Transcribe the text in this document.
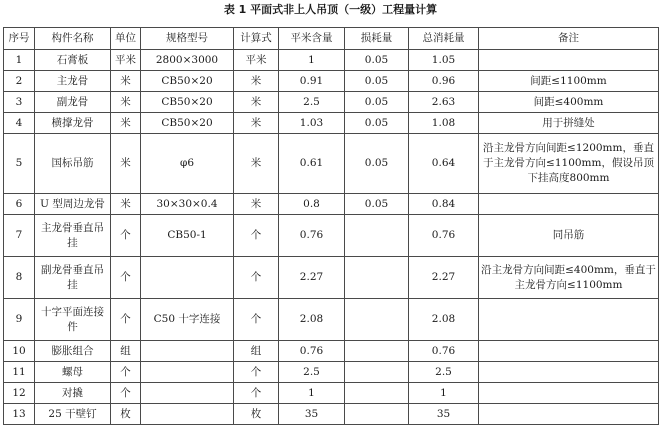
表 1 平面式非上人吊顶（一级）工程量计算
序号	构件名称	单位	规格型号	计算式	平米含量	损耗量	总消耗量	备注
1	石膏板	平米	2800×3000	平米	1	0.05	1.05	
2	主龙骨	米	CB50×20	米	0.91	0.05	0.96	间距≤1100mm
3	副龙骨	米	CB50×20	米	2.5	0.05	2.63	间距≤400mm
4	横撑龙骨	米	CB50×20	米	1.03	0.05	1.08	用于拼缝处
5	国标吊筋	米	φ6	米	0.61	0.05	0.64	沿主龙骨方向间距≤1200mm，垂直于主龙骨方向≤1100mm，假设吊顶下挂高度800mm

6	U 型周边龙骨	米	30×30×0.4	米	0.8	0.05	0.84	
7	主龙骨垂直吊挂	个	CB50-1	个	0.76		0.76	同吊筋
8	副龙骨垂直吊挂	个		个	2.27		2.27	沿主龙骨方向间距≤400mm，垂直于主龙骨方向≤1100mm

9	十字平面连接件	个	C50 十字连接	个	2.08		2.08	
10	膨胀组合	组		组	0.76		0.76	
11	螺母	个		个	2.5		2.5	
12	对撬	个		个	1		1	
13	25 干壁钉	枚		枚	35		35	
